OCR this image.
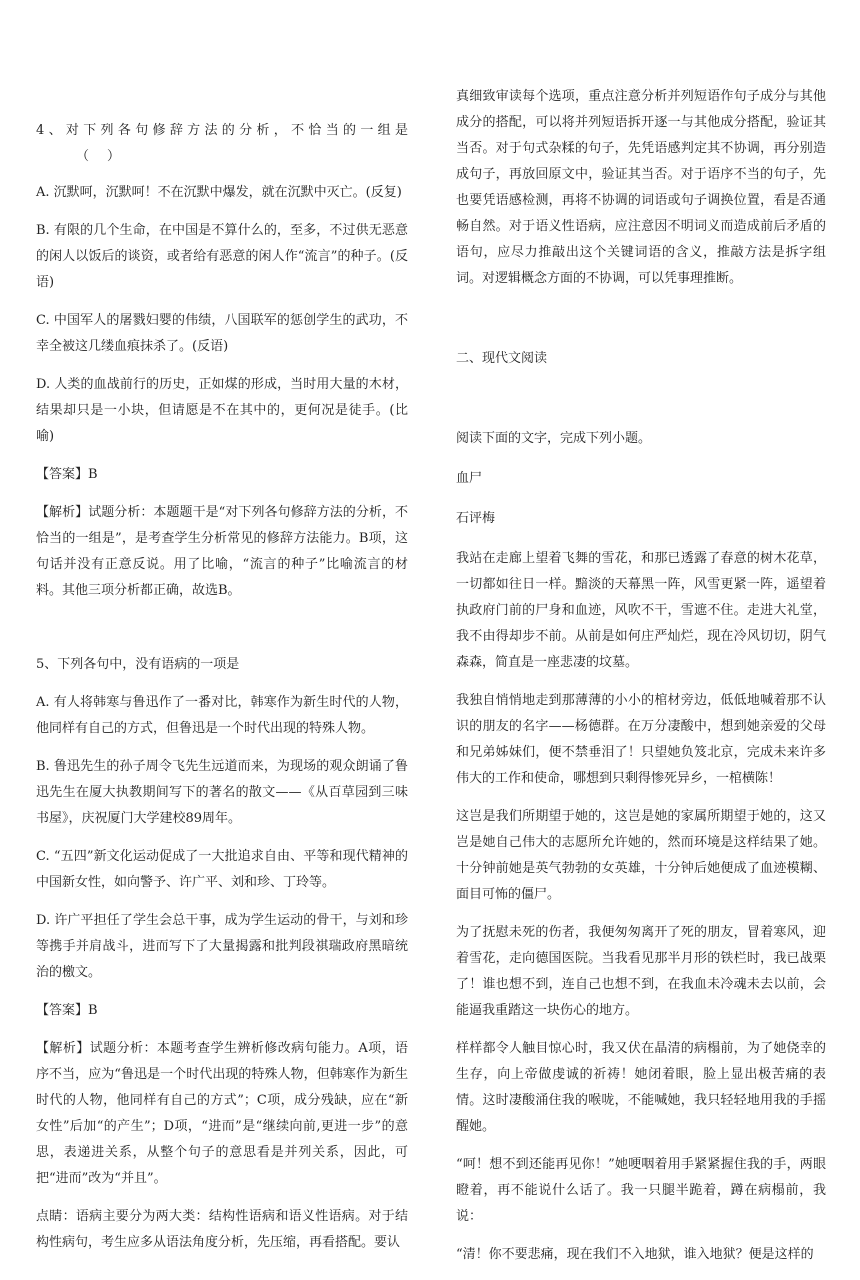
4、对下列各句修辞方法的分析，不恰当的一组是（）

A. 沉默呵，沉默呵！不在沉默中爆发，就在沉默中灭亡。(反复)

B. 有限的几个生命，在中国是不算什么的，至多，不过供无恶意的闲人以饭后的谈资，或者给有恶意的闲人作“流言”的种子。(反语)

C. 中国军人的屠戮妇婴的伟绩，八国联军的惩创学生的武功，不幸全被这几缕血痕抹杀了。(反语)

D. 人类的血战前行的历史，正如煤的形成，当时用大量的木材，结果却只是一小块，但请愿是不在其中的，更何况是徒手。(比喻)

【答案】B

【解析】试题分析：本题题干是“对下列各句修辞方法的分析，不恰当的一组是”，是考查学生分析常见的修辞方法能力。B项，这句话并没有正意反说。用了比喻，“流言的种子”比喻流言的材料。其他三项分析都正确，故选B。

5、下列各句中，没有语病的一项是

A. 有人将韩寒与鲁迅作了一番对比，韩寒作为新生时代的人物，他同样有自己的方式，但鲁迅是一个时代出现的特殊人物。

B. 鲁迅先生的孙子周令飞先生远道而来，为现场的观众朗诵了鲁迅先生在厦大执教期间写下的著名的散文——《从百草园到三味书屋》，庆祝厦门大学建校89周年。

C. “五四”新文化运动促成了一大批追求自由、平等和现代精神的中国新女性，如向警予、许广平、刘和珍、丁玲等。

D. 许广平担任了学生会总干事，成为学生运动的骨干，与刘和珍等携手并肩战斗，进而写下了大量揭露和批判段祺瑞政府黑暗统治的檄文。

【答案】B

【解析】试题分析：本题考查学生辨析修改病句能力。A项，语序不当，应为“鲁迅是一个时代出现的特殊人物，但韩寒作为新生时代的人物，他同样有自己的方式”；C项，成分残缺，应在“新女性”后加“的产生”；D项，“进而”是“继续向前,更进一步”的意思，表递进关系，从整个句子的意思看是并列关系，因此，可把“进而”改为“并且”。

点睛：语病主要分为两大类：结构性语病和语义性语病。对于结构性病句，考生应多从语法角度分析，先压缩，再看搭配。要认

真细致审读每个选项，重点注意分析并列短语作句子成分与其他成分的搭配，可以将并列短语拆开逐一与其他成分搭配，验证其当否。对于句式杂糅的句子，先凭语感判定其不协调，再分别造成句子，再放回原文中，验证其当否。对于语序不当的句子，先也要凭语感检测，再将不协调的词语或句子调换位置，看是否通畅自然。对于语义性语病，应注意因不明词义而造成前后矛盾的语句，应尽力推敲出这个关键词语的含义，推敲方法是拆字组词。对逻辑概念方面的不协调，可以凭事理推断。

二、现代文阅读

阅读下面的文字，完成下列小题。

血尸

石评梅

我站在走廊上望着飞舞的雪花，和那已透露了春意的树木花草，一切都如往日一样。黯淡的天幕黑一阵，风雪更紧一阵，遥望着执政府门前的尸身和血迹，风吹不干，雪遮不住。走进大礼堂，我不由得却步不前。从前是如何庄严灿烂，现在冷风切切，阴气森森，简直是一座悲凄的坟墓。

我独自悄悄地走到那薄薄的小小的棺材旁边，低低地喊着那不认识的朋友的名字——杨德群。在万分凄酸中，想到她亲爱的父母和兄弟姊妹们，便不禁垂泪了！只望她负笈北京，完成未来许多伟大的工作和使命，哪想到只剩得惨死异乡，一棺横陈！

这岂是我们所期望于她的，这岂是她的家属所期望于她的，这又岂是她自己伟大的志愿所允许她的，然而环境是这样结果了她。十分钟前她是英气勃勃的女英雄，十分钟后她便成了血迹模糊、面目可怖的僵尸。

为了抚慰未死的伤者，我便匆匆离开了死的朋友，冒着寒风，迎着雪花，走向德国医院。当我看见那半月形的铁栏时，我已战栗了！谁也想不到，连自己也想不到，在我血未冷魂未去以前，会能逼我重踏这一块伤心的地方。

样样都令人触目惊心时，我又伏在晶清的病榻前，为了她侥幸的生存，向上帝做虔诚的祈祷！她闭着眼，脸上显出极苦痛的表情。这时凄酸涌住我的喉咙，不能喊她，我只轻轻地用我的手摇醒她。

“呵！想不到还能再见你！”她哽咽着用手紧紧握住我的手，两眼瞪着，再不能说什么话了。我一只腿半跪着，蹲在病榻前，我说：

“清！你不要悲痛，现在我们不入地狱，谁入地狱？便是这样的
